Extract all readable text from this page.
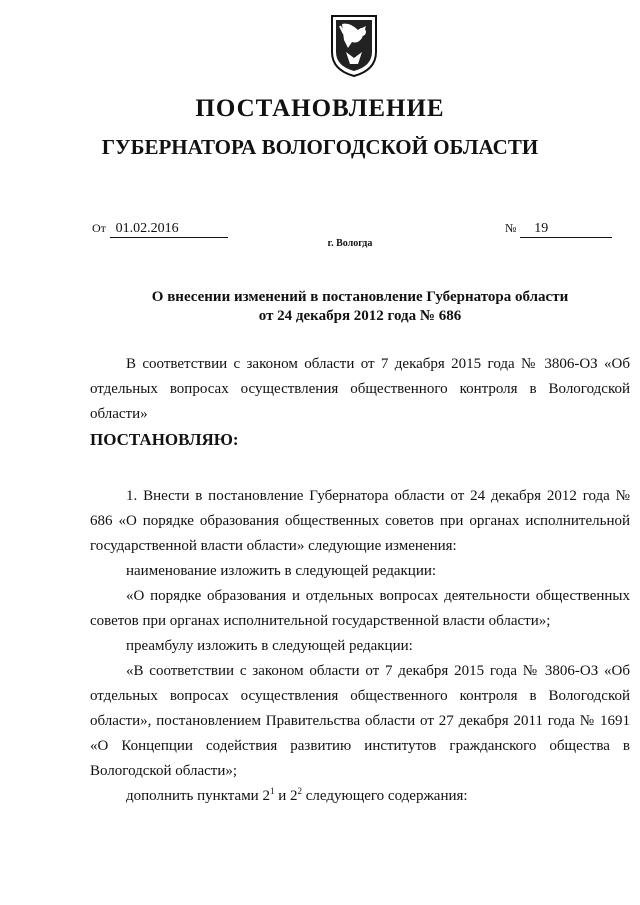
ПОСТАНОВЛЕНИЕ
ГУБЕРНАТОРА ВОЛОГОДСКОЙ ОБЛАСТИ
От 01.02.2016	№ 19
г. Вологда
О внесении изменений в постановление Губернатора области
от 24 декабря 2012 года № 686

В соответствии с законом области от 7 декабря 2015 года № 3806-ОЗ «Об отдельных вопросах осуществления общественного контроля в Вологодской области»

ПОСТАНОВЛЯЮ:

1. Внести в постановление Губернатора области от 24 декабря 2012 года № 686 «О порядке образования общественных советов при органах исполнительной государственной власти области» следующие изменения:

наименование изложить в следующей редакции:

«О порядке образования и отдельных вопросах деятельности общественных советов при органах исполнительной государственной власти области»;

преамбулу изложить в следующей редакции:

«В соответствии с законом области от 7 декабря 2015 года № 3806-ОЗ «Об отдельных вопросах осуществления общественного контроля в Вологодской области», постановлением Правительства области от 27 декабря 2011 года № 1691 «О Концепции содействия развитию институтов гражданского общества в Вологодской области»;

дополнить пунктами $2^1$ и $2^2$ следующего содержания:
